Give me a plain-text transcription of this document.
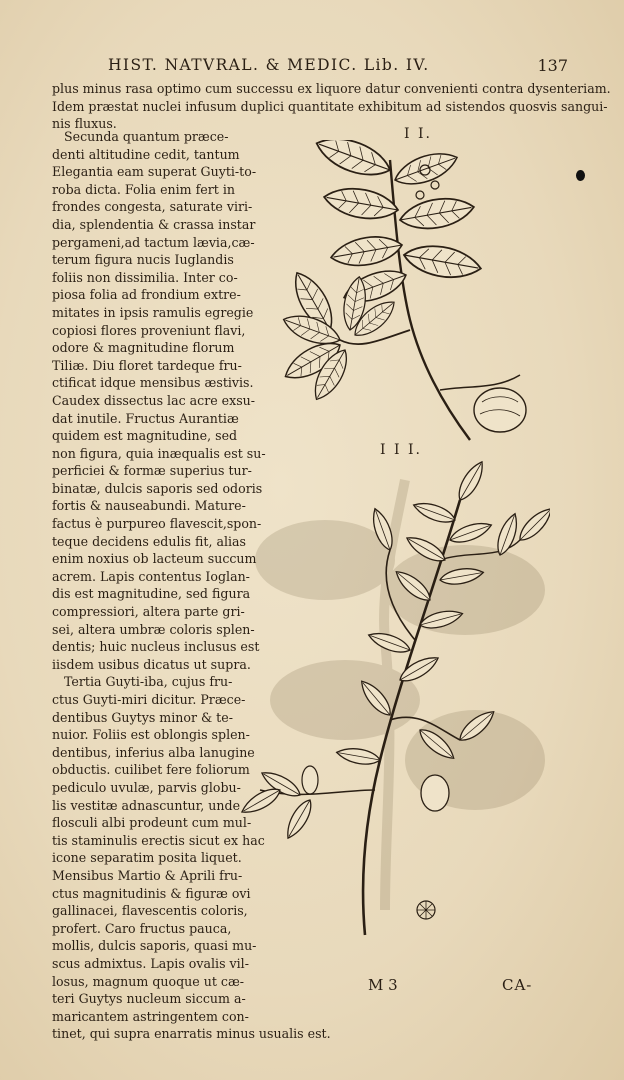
HIST. NATVRAL. & MEDIC. Lib. IV.	137
plus minus rasa optimo cum successu ex liquore datur convenienti contra dysenteriam.
Idem præstat nuclei infusum duplici quantitate exhibitum ad sistendos quosvis sangui-
nis fluxus.
Secunda quantum præce-
denti altitudine cedit, tantum
Elegantia eam superat Guyti-to-
roba dicta. Folia enim fert in
frondes congesta, saturate viri-
dia, splendentia & crassa instar
pergameni,ad tactum lævia,cæ-
terum figura nucis Iuglandis
foliis non dissimilia. Inter co-
piosa folia ad frondium extre-
mitates in ipsis ramulis egregie
copiosi flores proveniunt flavi,
odore & magnitudine florum
Tiliæ. Diu floret tardeque fru-
ctificat idque mensibus æstivis.
Caudex dissectus lac acre exsu-
dat inutile. Fructus Aurantiæ
quidem est magnitudine, sed
non figura, quia inæqualis est su-
perficiei & formæ superius tur-
binatæ, dulcis saporis sed odoris
fortis & nauseabundi. Mature-
factus è purpureo flavescit,spon-
teque decidens edulis fit, alias
enim noxius ob lacteum succum
acrem. Lapis contentus Ioglan-
dis est magnitudine, sed figura
compressiori, altera parte gri-
sei, altera umbræ coloris splen-
dentis; huic nucleus inclusus est
iisdem usibus dicatus ut supra.
Tertia Guyti-iba, cujus fru-
ctus Guyti-miri dicitur. Præce-
dentibus Guytys minor & te-
nuior. Foliis est oblongis splen-
dentibus, inferius alba lanugine
obductis. cuilibet fere foliorum
pediculo uvulæ, parvis globu-
lis vestitæ adnascuntur, unde
flosculi albi prodeunt cum mul-
tis staminulis erectis sicut ex hac
icone separatim posita liquet.
Mensibus Martio & Aprili fru-
ctus magnitudinis & figuræ ovi
gallinacei, flavescentis coloris,
profert. Caro fructus pauca,
mollis, dulcis saporis, quasi mu-
scus admixtus. Lapis ovalis vil-
losus, magnum quoque ut cæ-
teri Guytys nucleum siccum a-
maricantem astringentem con-
tinet, qui supra enarratis minus usualis est.
I I.
I I I.
M 3	CA-
